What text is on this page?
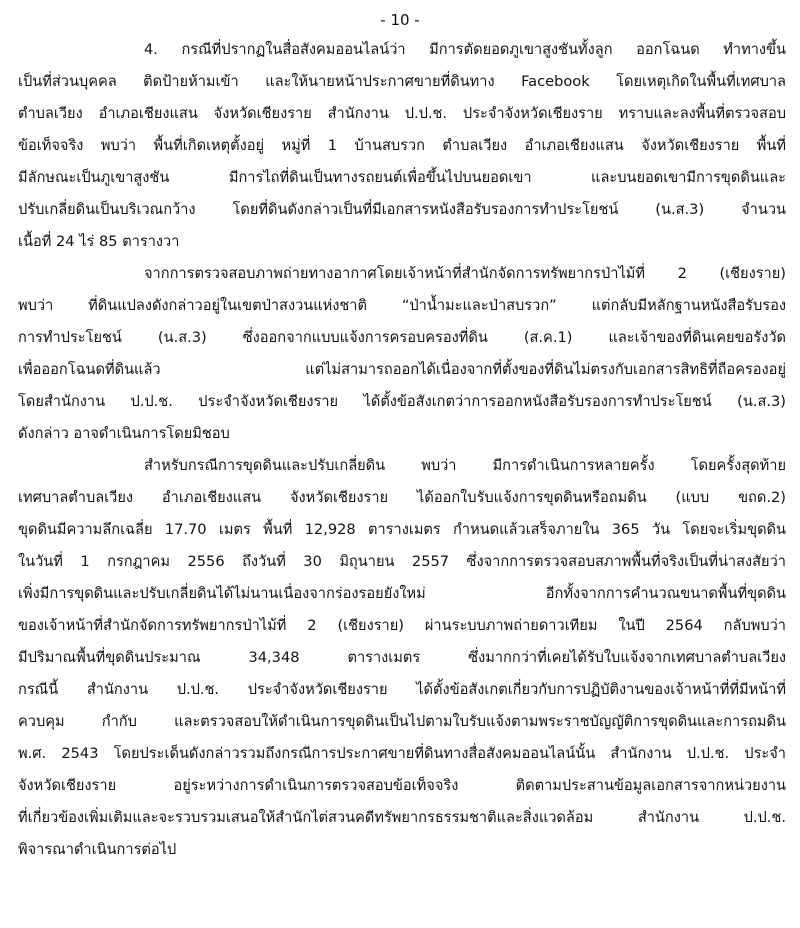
- 10 -
4. กรณีที่ปรากฏในสื่อสังคมออนไลน์ว่า มีการตัดยอดภูเขาสูงชันทั้งลูก ออกโฉนด ทำทางขึ้น
เป็นที่ส่วนบุคคล ติดป้ายห้ามเข้า และให้นายหน้าประกาศขายที่ดินทาง Facebook โดยเหตุเกิดในพื้นที่เทศบาล
ตำบลเวียง อำเภอเชียงแสน จังหวัดเชียงราย สำนักงาน ป.ป.ช. ประจำจังหวัดเชียงราย ทราบและลงพื้นที่ตรวจสอบ
ข้อเท็จจริง พบว่า พื้นที่เกิดเหตุตั้งอยู่ หมู่ที่ 1 บ้านสบรวก ตำบลเวียง อำเภอเชียงแสน จังหวัดเชียงราย พื้นที่
มีลักษณะเป็นภูเขาสูงชัน มีการไถที่ดินเป็นทางรถยนต์เพื่อขึ้นไปบนยอดเขา และบนยอดเขามีการขุดดินและ
ปรับเกลี่ยดินเป็นบริเวณกว้าง โดยที่ดินดังกล่าวเป็นที่มีเอกสารหนังสือรับรองการทำประโยชน์ (น.ส.3) จำนวน
เนื้อที่ 24 ไร่ 85 ตารางวา
จากการตรวจสอบภาพถ่ายทางอากาศโดยเจ้าหน้าที่สำนักจัดการทรัพยากรป่าไม้ที่ 2 (เชียงราย)
พบว่า ที่ดินแปลงดังกล่าวอยู่ในเขตป่าสงวนแห่งชาติ “ป่าน้ำมะและป่าสบรวก” แต่กลับมีหลักฐานหนังสือรับรอง
การทำประโยชน์ (น.ส.3) ซึ่งออกจากแบบแจ้งการครอบครองที่ดิน (ส.ค.1) และเจ้าของที่ดินเคยขอรังวัด
เพื่อออกโฉนดที่ดินแล้ว แต่ไม่สามารถออกได้เนื่องจากที่ตั้งของที่ดินไม่ตรงกับเอกสารสิทธิที่ถือครองอยู่
โดยสำนักงาน ป.ป.ช. ประจำจังหวัดเชียงราย ได้ตั้งข้อสังเกตว่าการออกหนังสือรับรองการทำประโยชน์ (น.ส.3)
ดังกล่าว อาจดำเนินการโดยมิชอบ
สำหรับกรณีการขุดดินและปรับเกลี่ยดิน พบว่า มีการดำเนินการหลายครั้ง โดยครั้งสุดท้าย
เทศบาลตำบลเวียง อำเภอเชียงแสน จังหวัดเชียงราย ได้ออกใบรับแจ้งการขุดดินหรือถมดิน (แบบ ขถด.2)
ขุดดินมีความลึกเฉลี่ย 17.70 เมตร พื้นที่ 12,928 ตารางเมตร กำหนดแล้วเสร็จภายใน 365 วัน โดยจะเริ่มขุดดิน
ในวันที่ 1 กรกฎาคม 2556 ถึงวันที่ 30 มิถุนายน 2557 ซึ่งจากการตรวจสอบสภาพพื้นที่จริงเป็นที่น่าสงสัยว่า
เพิ่งมีการขุดดินและปรับเกลี่ยดินได้ไม่นานเนื่องจากร่องรอยยังใหม่ อีกทั้งจากการคำนวณขนาดพื้นที่ขุดดิน
ของเจ้าหน้าที่สำนักจัดการทรัพยากรป่าไม้ที่ 2 (เชียงราย) ผ่านระบบภาพถ่ายดาวเทียม ในปี 2564 กลับพบว่า
มีปริมาณพื้นที่ขุดดินประมาณ 34,348 ตารางเมตร ซึ่งมากกว่าที่เคยได้รับใบแจ้งจากเทศบาลตำบลเวียง
กรณีนี้ สำนักงาน ป.ป.ช. ประจำจังหวัดเชียงราย ได้ตั้งข้อสังเกตเกี่ยวกับการปฏิบัติงานของเจ้าหน้าที่ที่มีหน้าที่
ควบคุม กำกับ และตรวจสอบให้ดำเนินการขุดดินเป็นไปตามใบรับแจ้งตามพระราชบัญญัติการขุดดินและการถมดิน
พ.ศ. 2543 โดยประเด็นดังกล่าวรวมถึงกรณีการประกาศขายที่ดินทางสื่อสังคมออนไลน์นั้น สำนักงาน ป.ป.ช. ประจำ
จังหวัดเชียงราย อยู่ระหว่างการดำเนินการตรวจสอบข้อเท็จจริง ติดตามประสานข้อมูลเอกสารจากหน่วยงาน
ที่เกี่ยวข้องเพิ่มเติมและจะรวบรวมเสนอให้สำนักไต่สวนคดีทรัพยากรธรรมชาติและสิ่งแวดล้อม สำนักงาน ป.ป.ช.
พิจารณาดำเนินการต่อไป
